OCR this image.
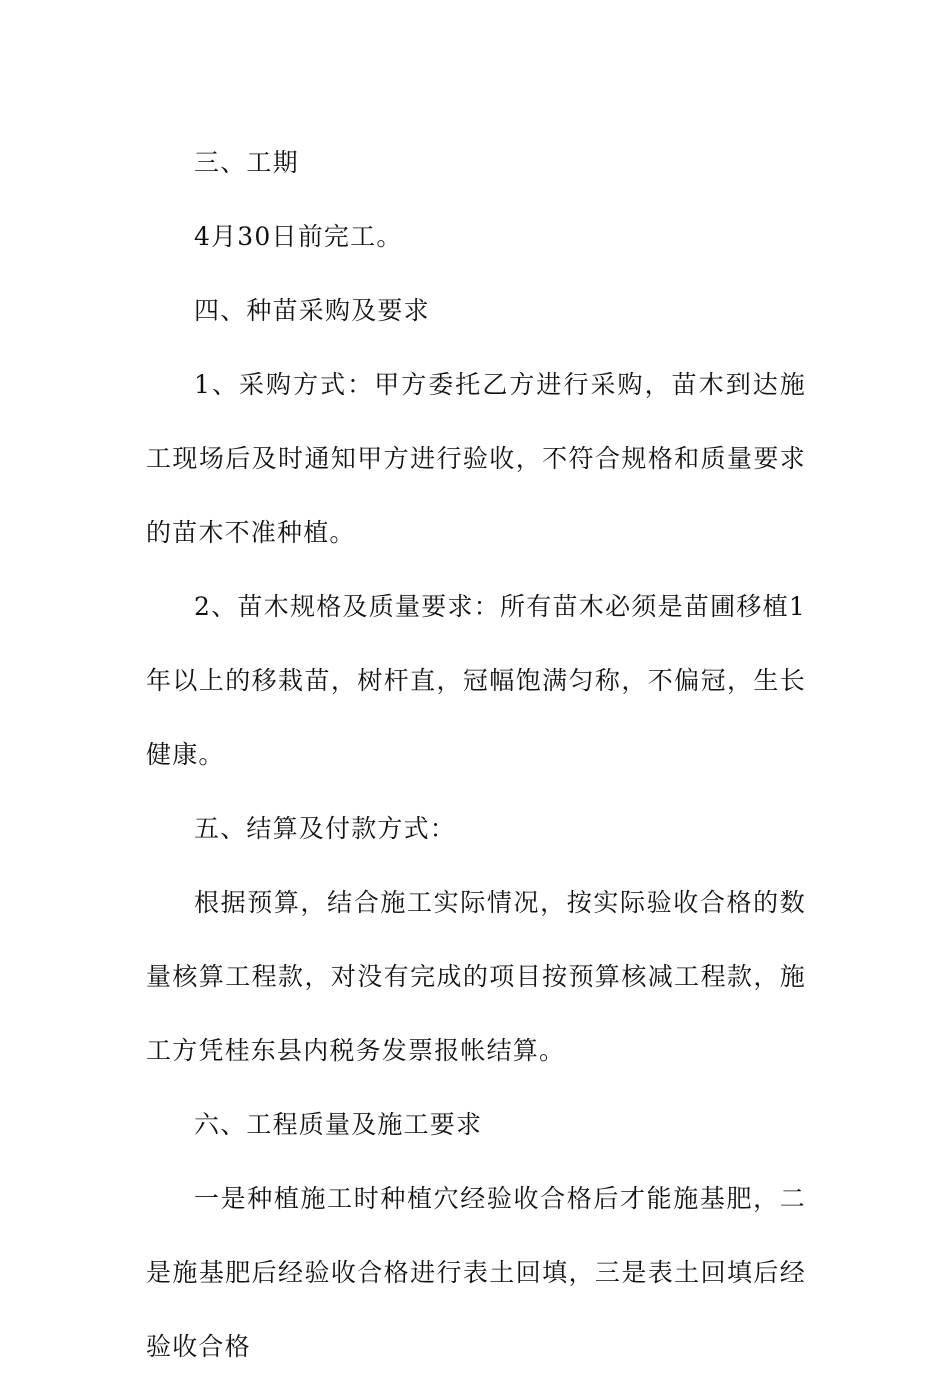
三、工期

4月30日前完工。

四、种苗采购及要求

1、采购方式：甲方委托乙方进行采购，苗木到达施工现场后及时通知甲方进行验收，不符合规格和质量要求的苗木不准种植。

2、苗木规格及质量要求：所有苗木必须是苗圃移植1年以上的移栽苗，树杆直，冠幅饱满匀称，不偏冠，生长健康。

五、结算及付款方式：

根据预算，结合施工实际情况，按实际验收合格的数量核算工程款，对没有完成的项目按预算核减工程款，施工方凭桂东县内税务发票报帐结算。

六、工程质量及施工要求

一是种植施工时种植穴经验收合格后才能施基肥，二是施基肥后经验收合格进行表土回填，三是表土回填后经验收合格
